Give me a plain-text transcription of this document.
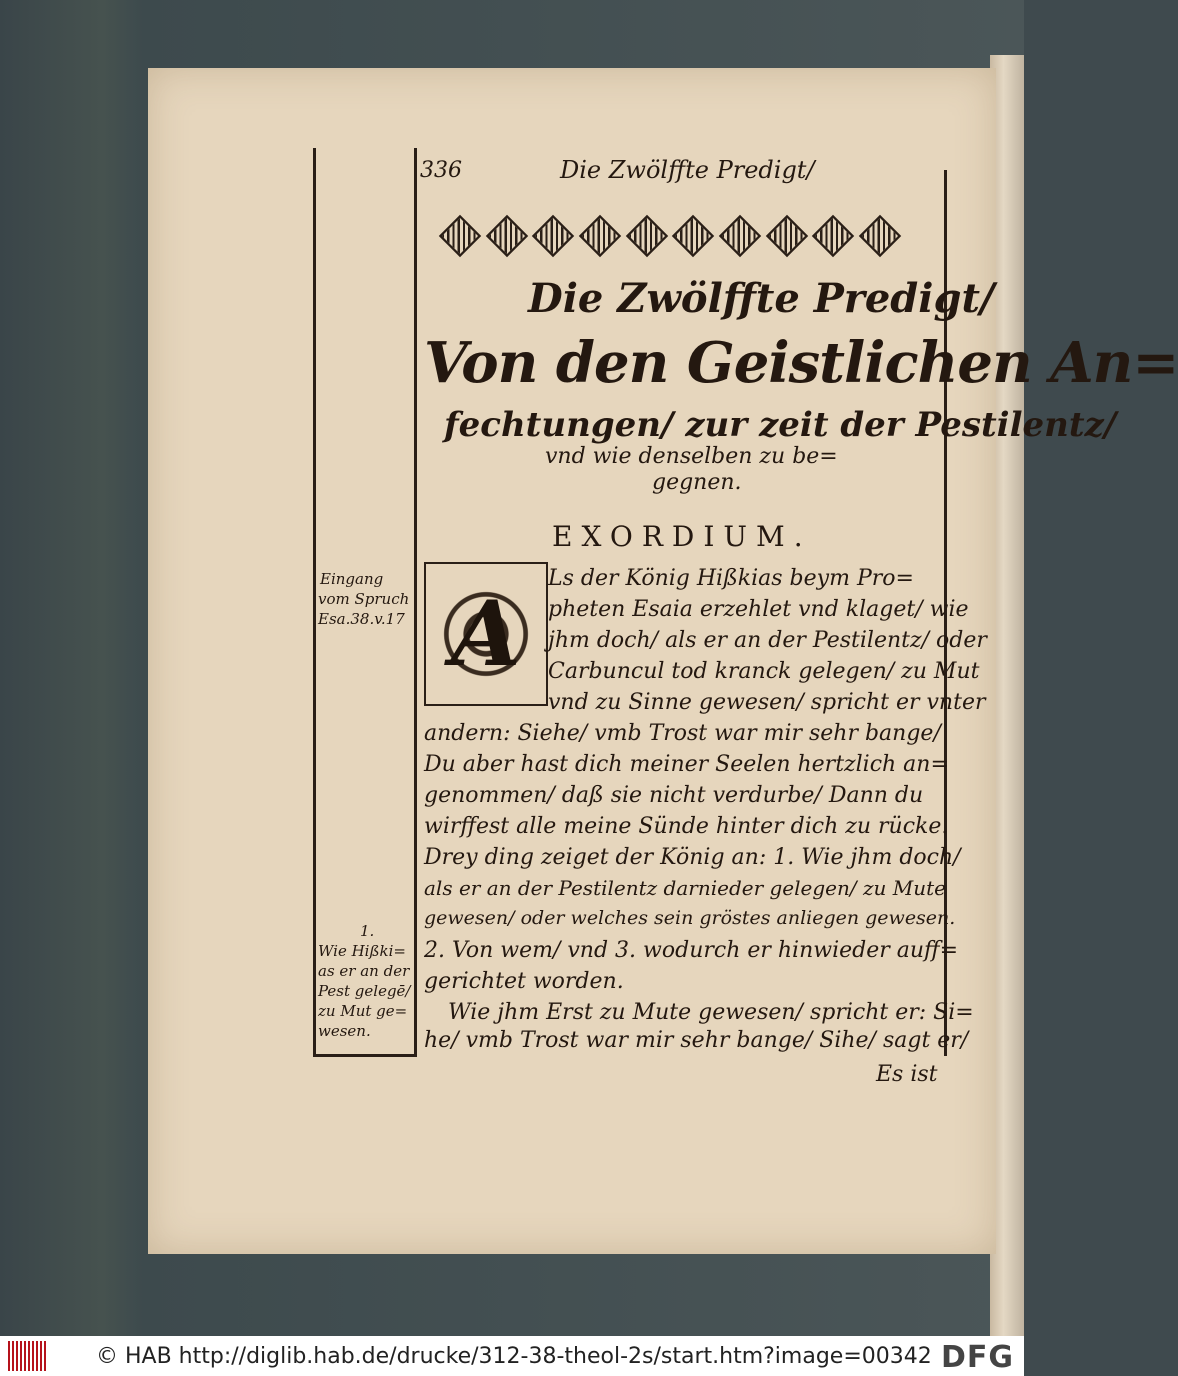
336	Die Zwölffte Predigt/
Die Zwölffte Predigt/
Von den Geistlichen An=
fechtungen/ zur zeit der Pestilentz/
vnd wie denselben zu be=
gegnen.
EXORDIUM.
A
Ls der König Hißkias beym Pro=
pheten Esaia erzehlet vnd klaget/ wie
jhm doch/ als er an der Pestilentz/ oder
Carbuncul tod kranck gelegen/ zu Mut
vnd zu Sinne gewesen/ spricht er vnter
andern: Siehe/ vmb Trost war mir sehr bange/
Du aber hast dich meiner Seelen hertzlich an=
genommen/ daß sie nicht verdurbe/ Dann du
wirffest alle meine Sünde hinter dich zu rücke.
Drey ding zeiget der König an: 1. Wie jhm doch/
als er an der Pestilentz darnieder gelegen/ zu Mute
gewesen/ oder welches sein gröstes anliegen gewesen.
2. Von wem/ vnd 3. wodurch er hinwieder auff=
gerichtet worden.
Wie jhm Erst zu Mute gewesen/ spricht er: Si=
he/ vmb Trost war mir sehr bange/ Sihe/ sagt er/
Es ist
Eingang
vom Spruch
Esa.38.v.17
1.
Wie Hißki=
as er an der
Pest gelegē/
zu Mut ge=
wesen.
© HAB http://diglib.hab.de/drucke/312-38-theol-2s/start.htm?image=00342 DFG
